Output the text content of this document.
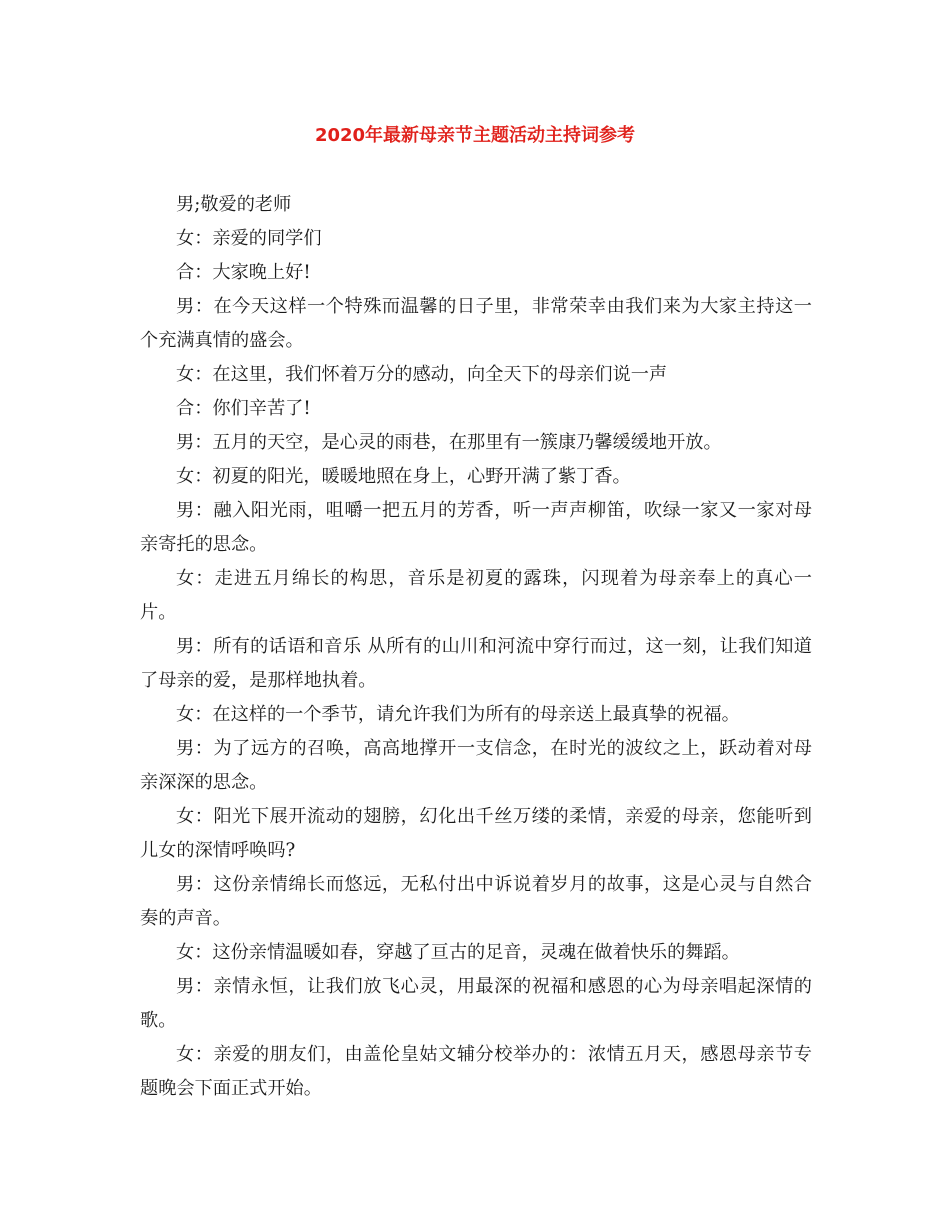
2020年最新母亲节主题活动主持词参考

男;敬爱的老师

女：亲爱的同学们

合：大家晚上好!

男：在今天这样一个特殊而温馨的日子里，非常荣幸由我们来为大家主持这一个充满真情的盛会。

女：在这里，我们怀着万分的感动，向全天下的母亲们说一声

合：你们辛苦了!

男：五月的天空，是心灵的雨巷，在那里有一簇康乃馨缓缓地开放。

女：初夏的阳光，暖暖地照在身上，心野开满了紫丁香。

男：融入阳光雨，咀嚼一把五月的芳香，听一声声柳笛，吹绿一家又一家对母亲寄托的思念。

女：走进五月绵长的构思，音乐是初夏的露珠，闪现着为母亲奉上的真心一片。

男：所有的话语和音乐 从所有的山川和河流中穿行而过，这一刻，让我们知道了母亲的爱，是那样地执着。

女：在这样的一个季节，请允许我们为所有的母亲送上最真挚的祝福。

男：为了远方的召唤，高高地撑开一支信念，在时光的波纹之上，跃动着对母亲深深的思念。

女：阳光下展开流动的翅膀，幻化出千丝万缕的柔情，亲爱的母亲，您能听到儿女的深情呼唤吗?

男：这份亲情绵长而悠远，无私付出中诉说着岁月的故事，这是心灵与自然合奏的声音。

女：这份亲情温暖如春，穿越了亘古的足音，灵魂在做着快乐的舞蹈。

男：亲情永恒，让我们放飞心灵，用最深的祝福和感恩的心为母亲唱起深情的歌。

女：亲爱的朋友们，由盖伦皇姑文辅分校举办的：浓情五月天，感恩母亲节专题晚会下面正式开始。
